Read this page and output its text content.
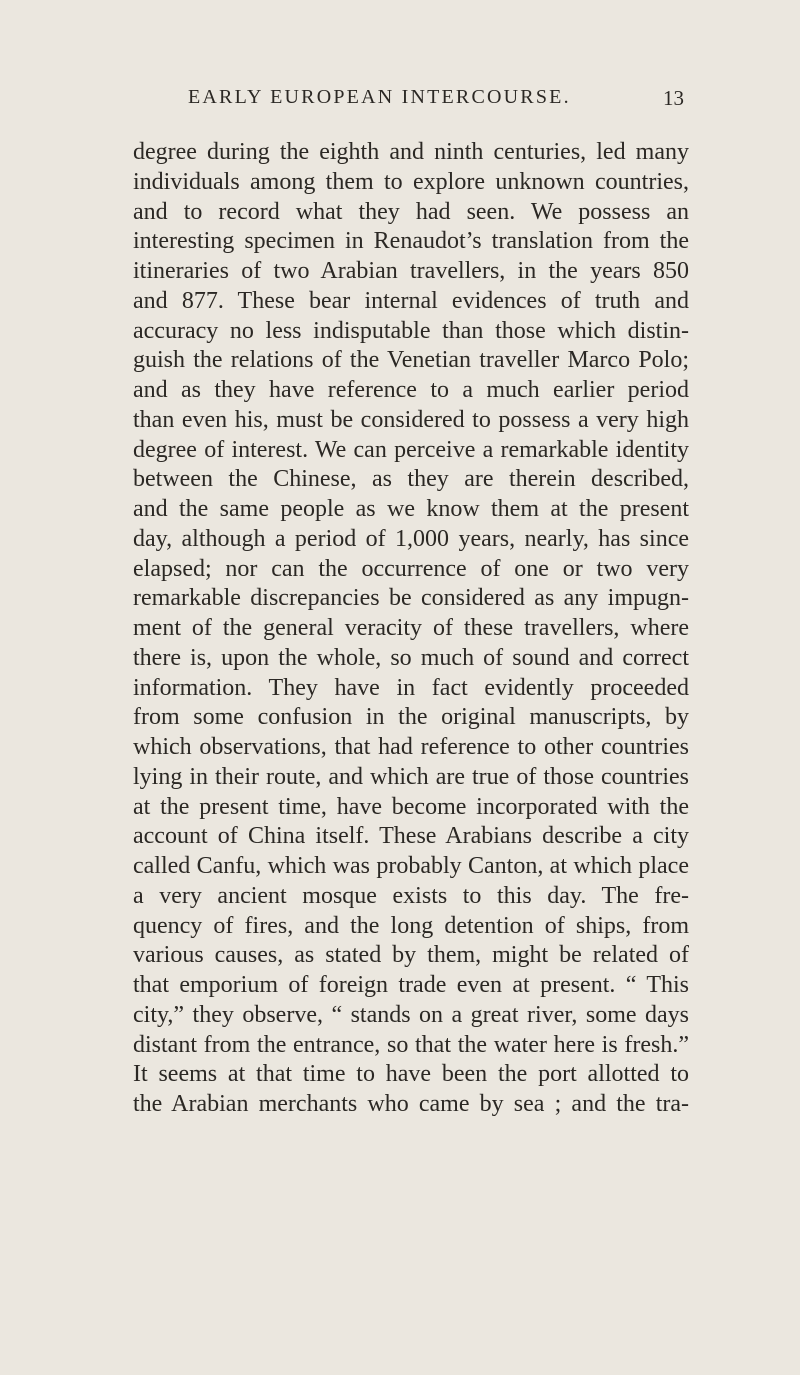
EARLY EUROPEAN INTERCOURSE.	13
degree during the eighth and ninth centuries, led many
individuals among them to explore unknown countries,
and to record what they had seen. We possess an
interesting specimen in Renaudot’s translation from the
itineraries of two Arabian travellers, in the years 850
and 877. These bear internal evidences of truth and
accuracy no less indisputable than those which distin-
guish the relations of the Venetian traveller Marco Polo;
and as they have reference to a much earlier period
than even his, must be considered to possess a very high
degree of interest. We can perceive a remarkable identity
between the Chinese, as they are therein described,
and the same people as we know them at the present
day, although a period of 1,000 years, nearly, has since
elapsed; nor can the occurrence of one or two very
remarkable discrepancies be considered as any impugn-
ment of the general veracity of these travellers, where
there is, upon the whole, so much of sound and correct
information. They have in fact evidently proceeded
from some confusion in the original manuscripts, by
which observations, that had reference to other countries
lying in their route, and which are true of those countries
at the present time, have become incorporated with the
account of China itself. These Arabians describe a city
called Canfu, which was probably Canton, at which place
a very ancient mosque exists to this day. The fre-
quency of fires, and the long detention of ships, from
various causes, as stated by them, might be related of
that emporium of foreign trade even at present. “ This
city,” they observe, “ stands on a great river, some days
distant from the entrance, so that the water here is fresh.”
It seems at that time to have been the port allotted to
the Arabian merchants who came by sea ; and the tra-
